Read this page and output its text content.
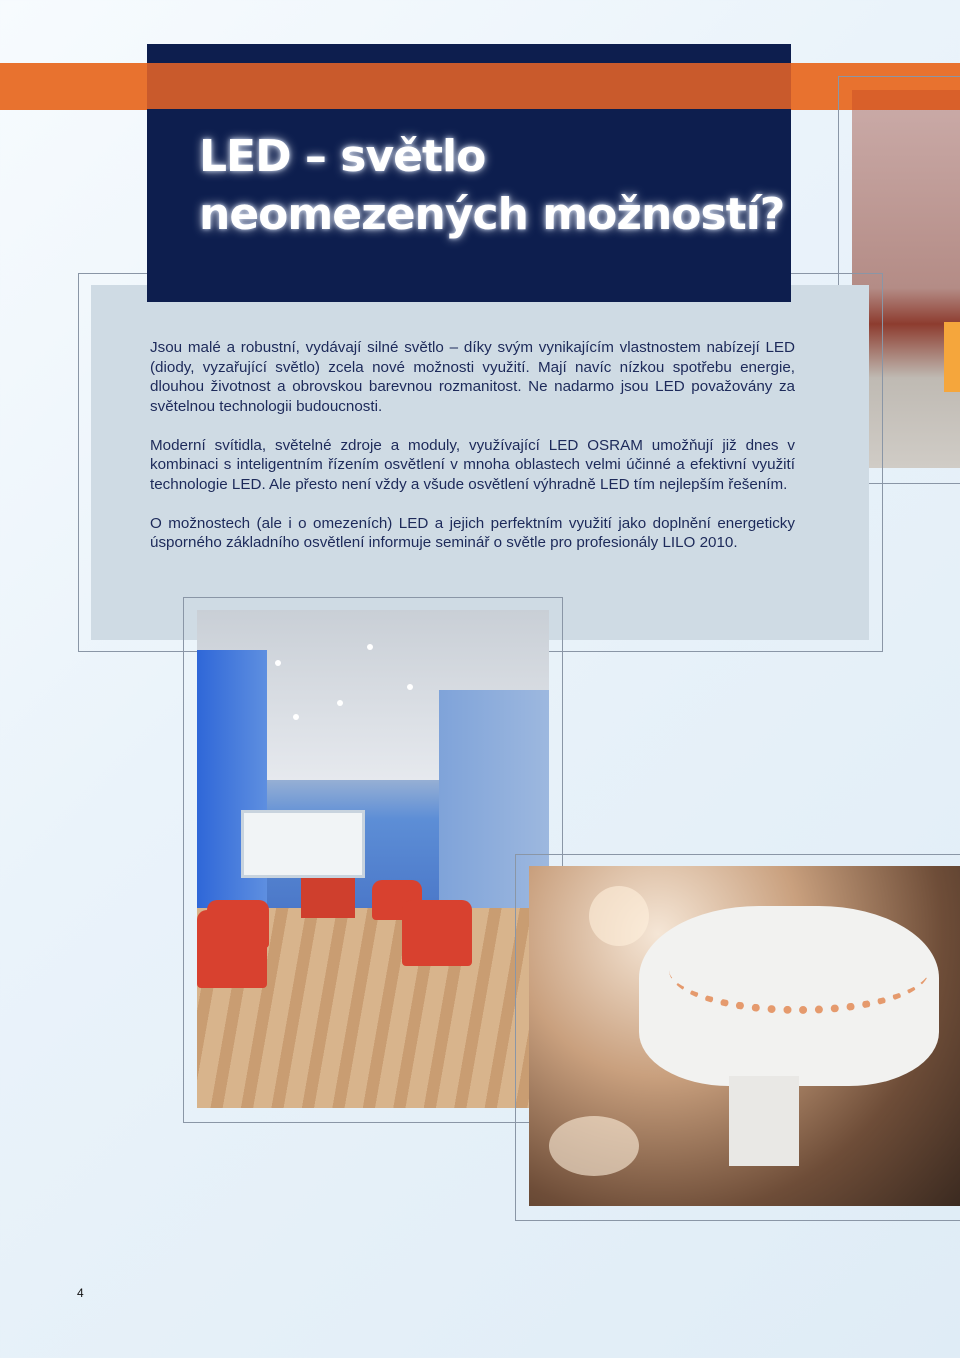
LED – světlo
neomezených možností?

Jsou malé a robustní, vydávají silné světlo – díky svým vynikajícím vlastnostem nabízejí LED (diody, vyzařující světlo) zcela nové možnosti využití. Mají navíc nízkou spotřebu energie, dlouhou životnost a obrovskou barevnou rozmanitost. Ne nadarmo jsou LED považovány za světelnou technologii budoucnosti.

Moderní svítidla, světelné zdroje a moduly, využívající LED OSRAM umožňují již dnes v kombinaci s inteligentním řízením osvětlení v mnoha oblastech velmi účinné a efektivní využití technologie LED. Ale přesto není vždy a všude osvětlení výhradně LED tím nejlepším řešením.

O možnostech (ale i o omezeních) LED a jejich perfektním využití jako doplnění energeticky úsporného základního osvětlení informuje seminář o světle pro profesionály LILO 2010.

4
